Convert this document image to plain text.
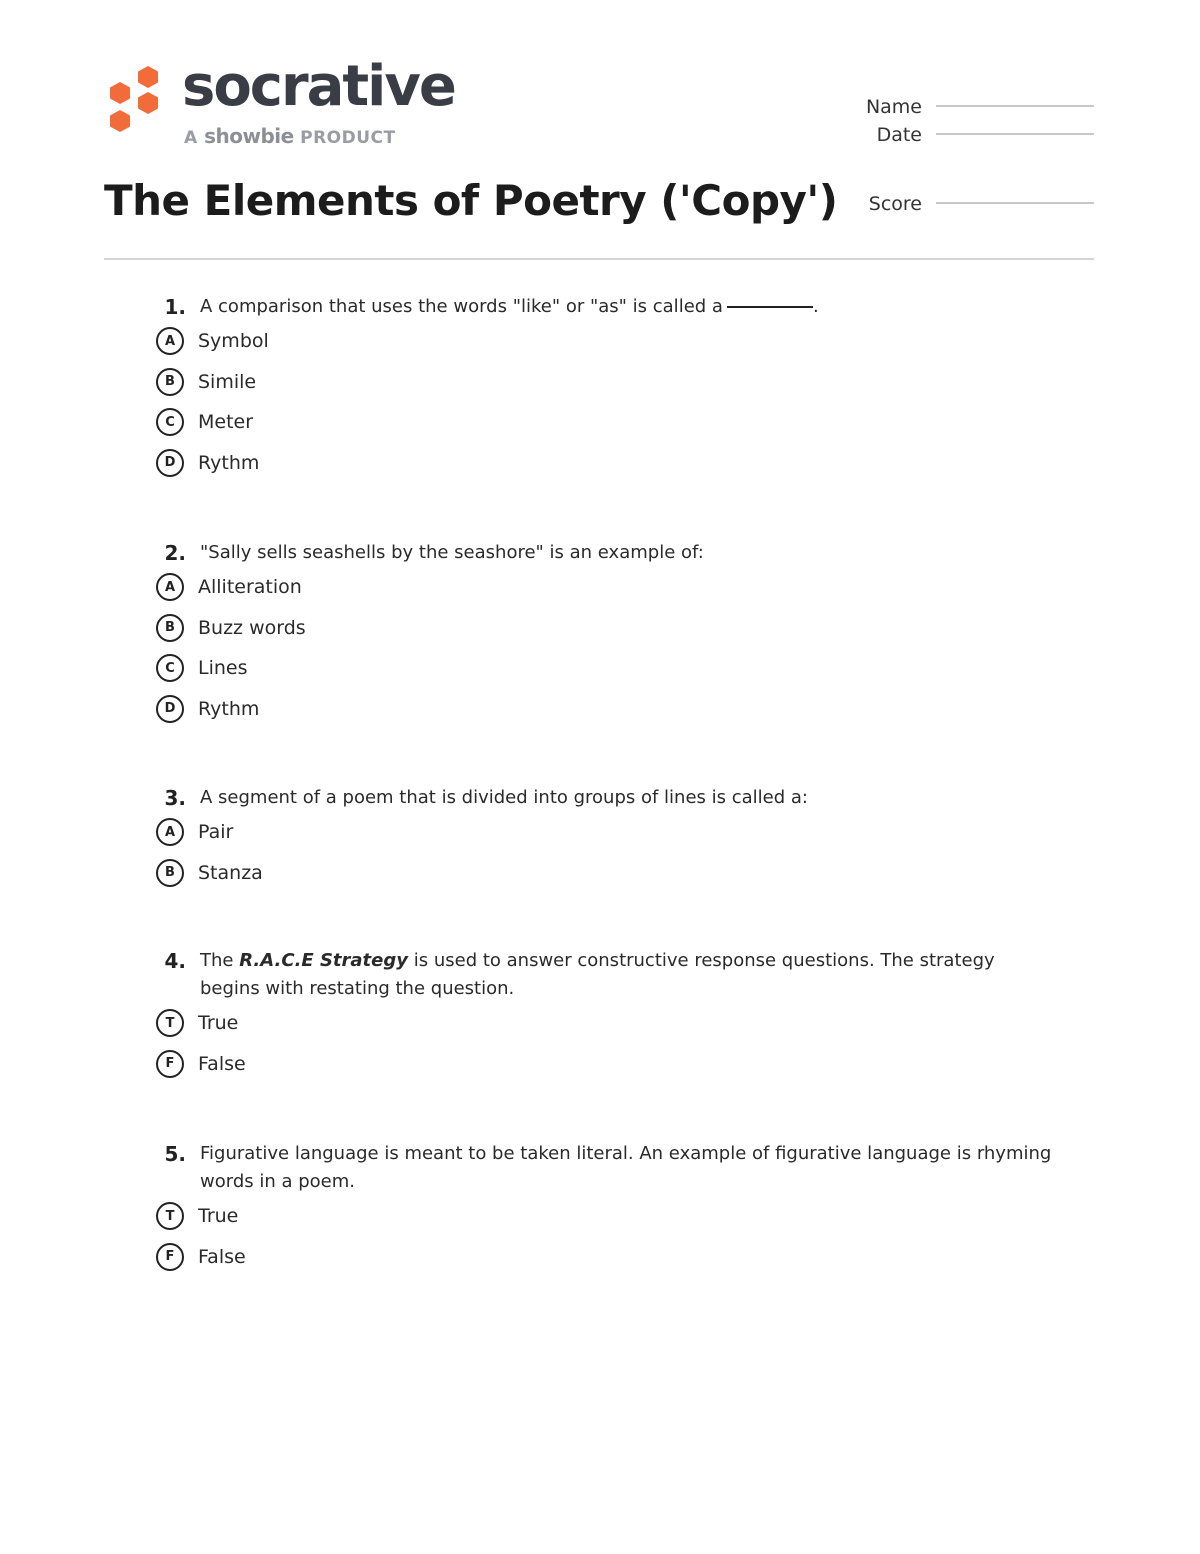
socrative
A showbie PRODUCT
Name
Date
Score
The Elements of Poetry ('Copy')
1. A comparison that uses the words "like" or "as" is called a	.
A	Symbol
B	Simile
C	Meter
D	Rythm
2. "Sally sells seashells by the seashore" is an example of:
A	Alliteration
B	Buzz words
C	Lines
D	Rythm
3. A segment of a poem that is divided into groups of lines is called a:
A	Pair
B	Stanza
4. The R.A.C.E Strategy is used to answer constructive response questions. The strategy begins with restating the question.
T	True
F	False
5. Figurative language is meant to be taken literal. An example of figurative language is rhyming words in a poem.
T	True
F	False
